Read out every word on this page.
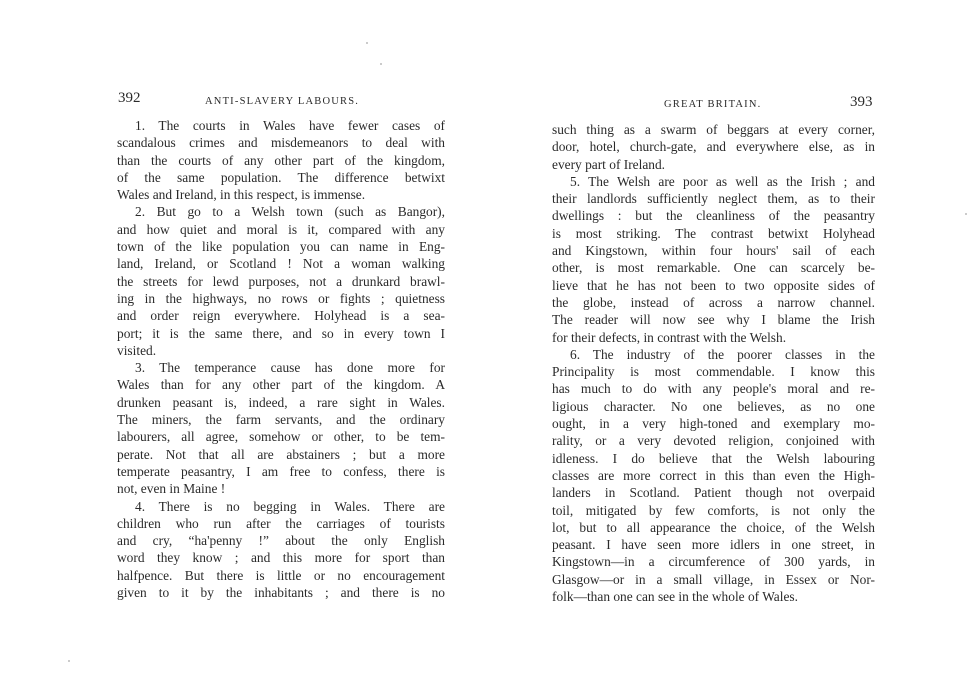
392	ANTI-SLAVERY LABOURS.
1. The courts in Wales have fewer cases of
scandalous crimes and misdemeanors to deal with
than the courts of any other part of the kingdom,
of the same population. The difference betwixt
Wales and Ireland, in this respect, is immense.
2. But go to a Welsh town (such as Bangor),
and how quiet and moral is it, compared with any
town of the like population you can name in Eng-
land, Ireland, or Scotland ! Not a woman walking
the streets for lewd purposes, not a drunkard brawl-
ing in the highways, no rows or fights ; quietness
and order reign everywhere. Holyhead is a sea-
port; it is the same there, and so in every town I
visited.
3. The temperance cause has done more for
Wales than for any other part of the kingdom. A
drunken peasant is, indeed, a rare sight in Wales.
The miners, the farm servants, and the ordinary
labourers, all agree, somehow or other, to be tem-
perate. Not that all are abstainers ; but a more
temperate peasantry, I am free to confess, there is
not, even in Maine !
4. There is no begging in Wales. There are
children who run after the carriages of tourists
and cry, “ha'penny !” about the only English
word they know ; and this more for sport than
halfpence. But there is little or no encouragement
given to it by the inhabitants ; and there is no
GREAT BRITAIN.	393
such thing as a swarm of beggars at every corner,
door, hotel, church-gate, and everywhere else, as in
every part of Ireland.
5. The Welsh are poor as well as the Irish ; and
their landlords sufficiently neglect them, as to their
dwellings : but the cleanliness of the peasantry
is most striking. The contrast betwixt Holyhead
and Kingstown, within four hours' sail of each
other, is most remarkable. One can scarcely be-
lieve that he has not been to two opposite sides of
the globe, instead of across a narrow channel.
The reader will now see why I blame the Irish
for their defects, in contrast with the Welsh.
6. The industry of the poorer classes in the
Principality is most commendable. I know this
has much to do with any people's moral and re-
ligious character. No one believes, as no one
ought, in a very high-toned and exemplary mo-
rality, or a very devoted religion, conjoined with
idleness. I do believe that the Welsh labouring
classes are more correct in this than even the High-
landers in Scotland. Patient though not overpaid
toil, mitigated by few comforts, is not only the
lot, but to all appearance the choice, of the Welsh
peasant. I have seen more idlers in one street, in
Kingstown—in a circumference of 300 yards, in
Glasgow—or in a small village, in Essex or Nor-
folk—than one can see in the whole of Wales.
